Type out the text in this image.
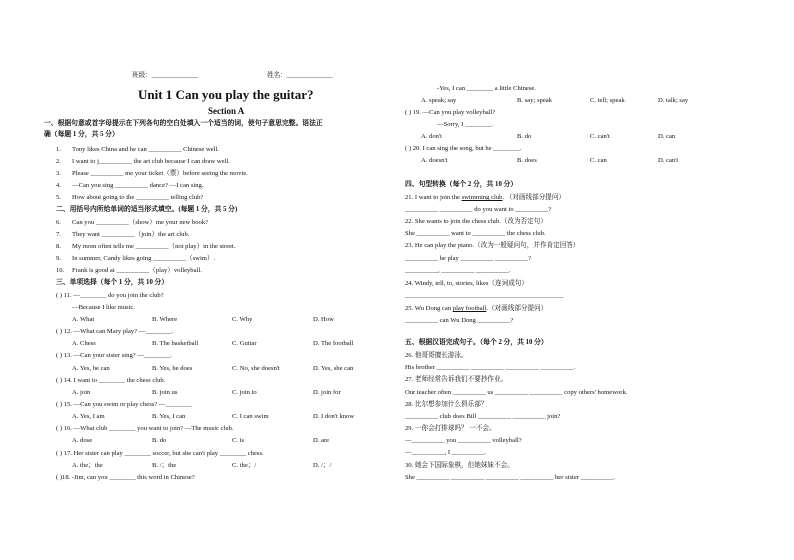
班级：______________	姓名：______________
Unit 1 Can you play the guitar?
Section A
一、根据句意或首字母提示在下列各句的空白处填入一个适当的词，使句子意思完整。语法正
确（每题 1 分，共 5 分）
1. Tony likes China and he can __________ Chinese well.
2. I want to j__________ the art club because I can draw well.
3. Please __________ me your ticket（票）before seeing the movie.
4. —Can you sing __________ dance? —I can sing.
5. How about going to the __________ telling club?
二、用括号内所给单词的适当形式填空。(每题 1 分，共 5 分)
6. Can you __________（show）me your new book?
7. They want __________（join）the art club.
8. My mom often tells me __________（not play）in the street.
9. In summer, Candy likes going __________（swim）.
10. Frank is good at __________（play）volleyball.
三、单项选择（每个 1 分，共 10 分）
( ) 11. —________ do you join the club?
—Because I like music.
A. What	B. Where	C. Why	D. How
( ) 12. —What can Mary play? —________.
A. Chess	B. The basketball	C. Guitar	D. The football
( ) 13. —Can your sister sing? —________.
A. Yes, he can	B. Yes, he does	C. No, she doesn't	D. Yes, she can
( ) 14. I want to ________ the chess club.
A. join	B. join us	C. join to	D. join for
( ) 15. —Can you swim or play chess? —________
A. Yes, I am	B. Yes, I can	C. I can swim	D. I don't know
( ) 16. —What club ________ you want to join? —The music club.
A. dose	B. do	C. is	D. are
( ) 17. Her sister can play ________ soccer, but she can't play ________ chess.
A. the；the	B. /；the	C. the；/	D. /；/
( )18. -Jim, can you ________ this word in Chinese?
-Yes, I can ________ a little Chinese.
A. speak; say	B. say; speak	C. tell; speak	D. talk; say
( ) 19. —Can you play volleyball?
—Sorry, I ________.
A. don't	B. do	C. can't	D. can
( ) 20. I can sing the song, but he ________.
A. doesn't	B. does	C. can	D. can't
四、句型转换（每个 2 分，共 10 分）
21. I want to join the swimming club. （对画线部分提问）
__________ __________ do you want to __________?
22. She wants to join the chess club.（改为否定句）
She __________ want to __________ the chess club.
23. He can play the piano.（改为一般疑问句，并作肯定回答）
__________ he play __________ __________?
__________, __________ __________.
24. Windy, tell, to, stories, likes（连词成句）
________________________________________________
25. Wu Dong can play football.（对画线部分提问）
__________ can Wu Dong __________?
五、根据汉语完成句子。（每个 2 分，共 10 分）
26. 他哥哥擅长游泳。
His brother __________ __________ __________ __________.
27. 老师经常告诉我们不要抄作业。
Our teacher often __________ us __________ __________ copy others' homework.
28. 比尔想参加什么俱乐部？
__________ club does Bill __________ __________ join?
29. 一你会打排球吗？ 一不会。
—__________ you __________ volleyball?
—__________, I __________.
30. 她会下国际象棋，但她妹妹不会。
She __________ __________ __________ __________ her sister __________.
